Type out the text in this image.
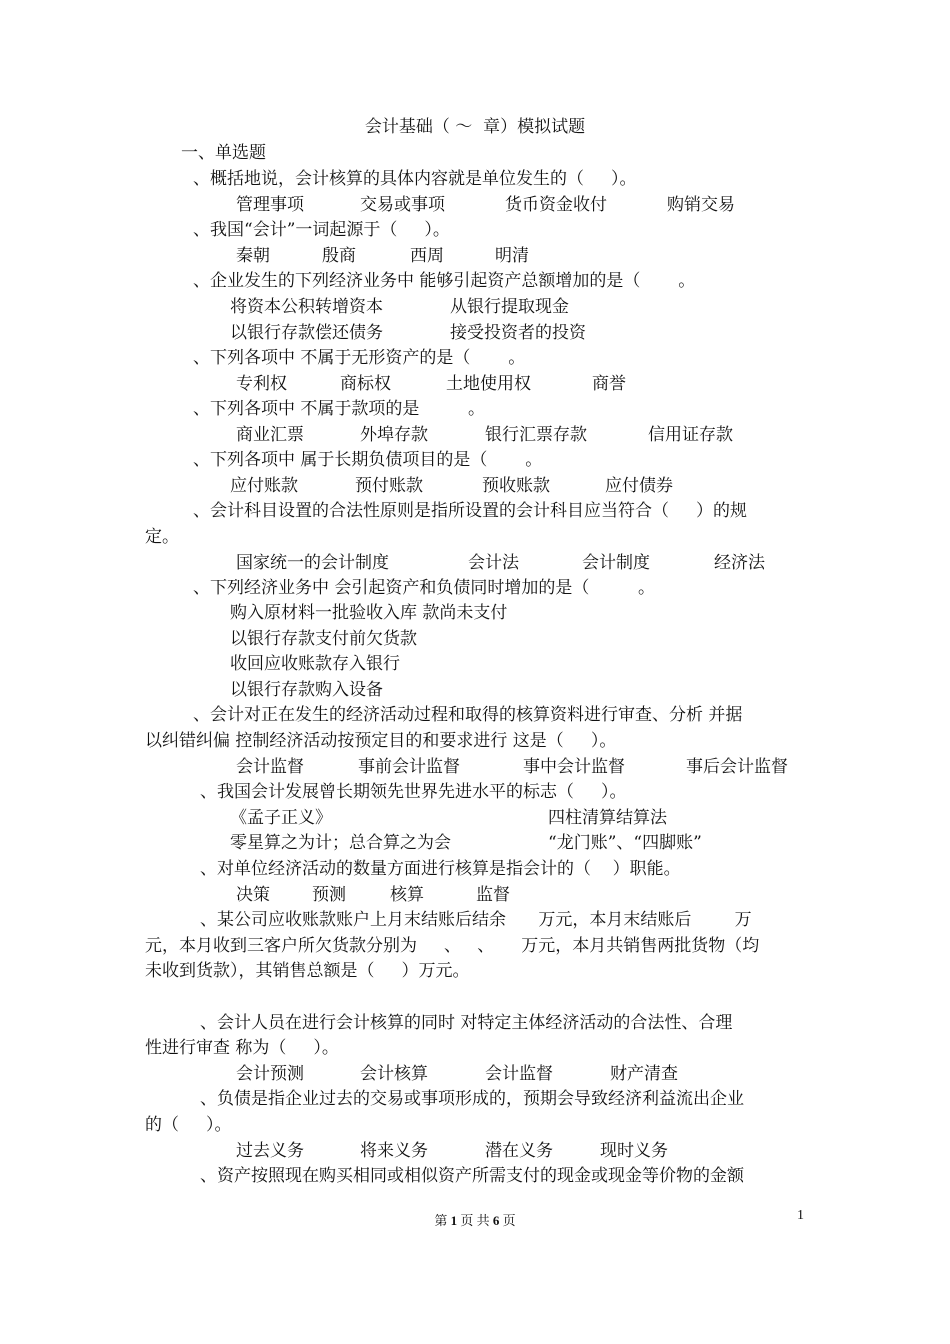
会计基础（ ～  章）模拟试题
一、单选题
、概括地说，会计核算的具体内容就是单位发生的（     ）。
管理事项	交易或事项	货币资金收付	购销交易
、我国“会计”一词起源于（     ）。
秦朝	殷商	西周	明清
、企业发生的下列经济业务中 能够引起资产总额增加的是（       。
将资本公积转增资本	从银行提取现金
以银行存款偿还债务	接受投资者的投资
、下列各项中 不属于无形资产的是（       。
专利权	商标权	土地使用权	商誉
、下列各项中 不属于款项的是         。
商业汇票	外埠存款	银行汇票存款	信用证存款
、下列各项中 属于长期负债项目的是（       。
应付账款	预付账款	预收账款	应付债券
、会计科目设置的合法性原则是指所设置的会计科目应当符合（     ）的规
定。
国家统一的会计制度	会计法	会计制度	经济法
、下列经济业务中 会引起资产和负债同时增加的是（         。
购入原材料一批验收入库 款尚未支付
以银行存款支付前欠货款
收回应收账款存入银行
以银行存款购入设备
、会计对正在发生的经济活动过程和取得的核算资料进行审查、分析 并据
以纠错纠偏 控制经济活动按预定目的和要求进行 这是（     ）。
会计监督	事前会计监督	事中会计监督	事后会计监督
、我国会计发展曾长期领先世界先进水平的标志（     ）。
《孟子正义》	四柱清算结算法
零星算之为计；总合算之为会	“龙门账”、“四脚账”
、对单位经济活动的数量方面进行核算是指会计的（    ）职能。
决策 预测	核算	监督
、某公司应收账款账户上月末结账后结余      万元，本月末结账后        万
元，本月收到三客户所欠货款分别为     、   、     万元，本月共销售两批货物（均
未收到货款），其销售总额是（     ）万元。
、会计人员在进行会计核算的同时 对特定主体经济活动的合法性、合理
性进行审查 称为（     ）。
会计预测	会计核算	会计监督	财产清查
、负债是指企业过去的交易或事项形成的，预期会导致经济利益流出企业
的（     ）。
过去义务	将来义务	潜在义务	现时义务
、资产按照现在购买相同或相似资产所需支付的现金或现金等价物的金额
第 1 页 共 6 页	1
